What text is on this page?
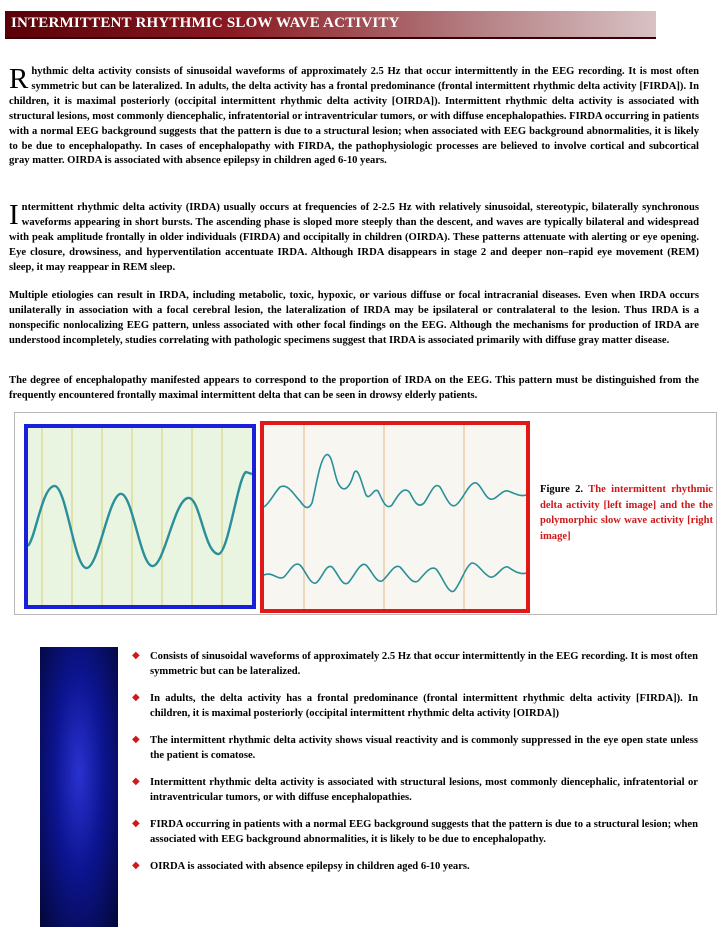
INTERMITTENT RHYTHMIC SLOW WAVE ACTIVITY

Rhythmic delta activity consists of sinusoidal waveforms of approximately 2.5 Hz that occur intermittently in the EEG recording. It is most often symmetric but can be lateralized. In adults, the delta activity has a frontal predominance (frontal intermittent rhythmic delta activity [FIRDA]). In children, it is maximal posteriorly (occipital intermittent rhythmic delta activity [OIRDA]). Intermittent rhythmic delta activity is associated with structural lesions, most commonly diencephalic, infratentorial or intraventricular tumors, or with diffuse encephalopathies. FIRDA occurring in patients with a normal EEG background suggests that the pattern is due to a structural lesion; when associated with EEG background abnormalities, it is likely to be due to encephalopathy. In cases of encephalopathy with FIRDA, the pathophysiologic processes are believed to involve cortical and subcortical gray matter. OIRDA is associated with absence epilepsy in children aged 6-10 years.

Intermittent rhythmic delta activity (IRDA) usually occurs at frequencies of 2-2.5 Hz with relatively sinusoidal, stereotypic, bilaterally synchronous waveforms appearing in short bursts. The ascending phase is sloped more steeply than the descent, and waves are typically bilateral and widespread with peak amplitude frontally in older individuals (FIRDA) and occipitally in children (OIRDA). These patterns attenuate with alerting or eye opening. Eye closure, drowsiness, and hyperventilation accentuate IRDA. Although IRDA disappears in stage 2 and deeper non–rapid eye movement (REM) sleep, it may reappear in REM sleep.

Multiple etiologies can result in IRDA, including metabolic, toxic, hypoxic, or various diffuse or focal intracranial diseases. Even when IRDA occurs unilaterally in association with a focal cerebral lesion, the lateralization of IRDA may be ipsilateral or contralateral to the lesion. Thus IRDA is a nonspecific nonlocalizing EEG pattern, unless associated with other focal findings on the EEG. Although the mechanisms for production of IRDA are understood incompletely, studies correlating with pathologic specimens suggest that IRDA is associated primarily with diffuse gray matter disease.

The degree of encephalopathy manifested appears to correspond to the proportion of IRDA on the EEG. This pattern must be distinguished from the frequently encountered frontally maximal intermittent delta that can be seen in drowsy elderly patients.

Figure 2. The intermittent rhythmic delta activity [left image] and the the polymorphic slow wave activity [right image]

◆ Consists of sinusoidal waveforms of approximately 2.5 Hz that occur intermittently in the EEG recording. It is most often symmetric but can be lateralized.
◆ In adults, the delta activity has a frontal predominance (frontal intermittent rhythmic delta activity [FIRDA]). In children, it is maximal posteriorly (occipital intermittent rhythmic delta activity [OIRDA])
◆ The intermittent rhythmic delta activity shows visual reactivity and is commonly suppressed in the eye open state unless the patient is comatose.
◆ Intermittent rhythmic delta activity is associated with structural lesions, most commonly diencephalic, infratentorial or intraventricular tumors, or with diffuse encephalopathies.
◆ FIRDA occurring in patients with a normal EEG background suggests that the pattern is due to a structural lesion; when associated with EEG background abnormalities, it is likely to be due to encephalopathy.
◆ OIRDA is associated with absence epilepsy in children aged 6-10 years.
